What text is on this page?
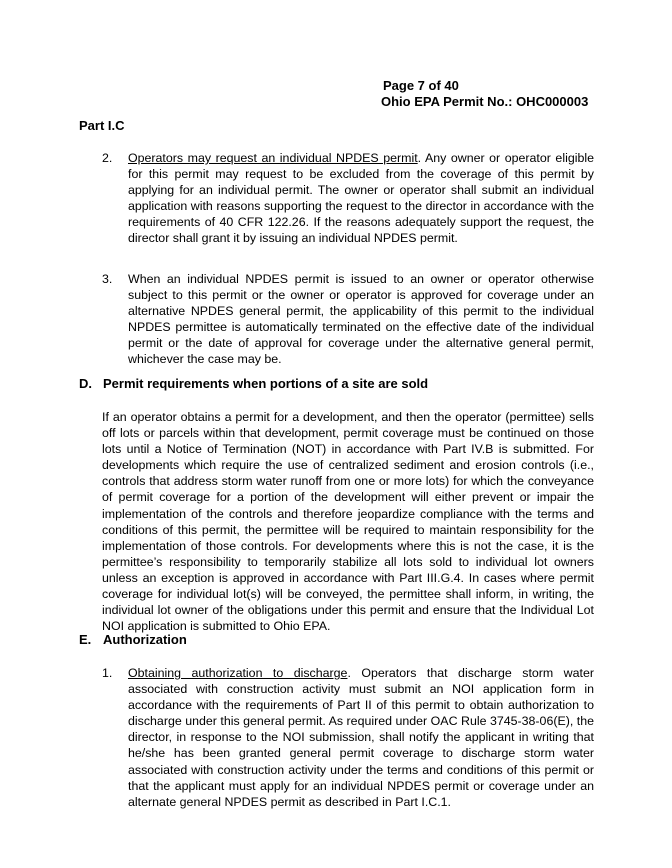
Page 7 of 40
Ohio EPA Permit No.: OHC000003
Part I.C
2. Operators may request an individual NPDES permit. Any owner or operator eligible for this permit may request to be excluded from the coverage of this permit by applying for an individual permit. The owner or operator shall submit an individual application with reasons supporting the request to the director in accordance with the requirements of 40 CFR 122.26. If the reasons adequately support the request, the director shall grant it by issuing an individual NPDES permit.
3. When an individual NPDES permit is issued to an owner or operator otherwise subject to this permit or the owner or operator is approved for coverage under an alternative NPDES general permit, the applicability of this permit to the individual NPDES permittee is automatically terminated on the effective date of the individual permit or the date of approval for coverage under the alternative general permit, whichever the case may be.
D. Permit requirements when portions of a site are sold
If an operator obtains a permit for a development, and then the operator (permittee) sells off lots or parcels within that development, permit coverage must be continued on those lots until a Notice of Termination (NOT) in accordance with Part IV.B is submitted. For developments which require the use of centralized sediment and erosion controls (i.e., controls that address storm water runoff from one or more lots) for which the conveyance of permit coverage for a portion of the development will either prevent or impair the implementation of the controls and therefore jeopardize compliance with the terms and conditions of this permit, the permittee will be required to maintain responsibility for the implementation of those controls. For developments where this is not the case, it is the permittee’s responsibility to temporarily stabilize all lots sold to individual lot owners unless an exception is approved in accordance with Part III.G.4. In cases where permit coverage for individual lot(s) will be conveyed, the permittee shall inform, in writing, the individual lot owner of the obligations under this permit and ensure that the Individual Lot NOI application is submitted to Ohio EPA.
E. Authorization
1. Obtaining authorization to discharge. Operators that discharge storm water associated with construction activity must submit an NOI application form in accordance with the requirements of Part II of this permit to obtain authorization to discharge under this general permit. As required under OAC Rule 3745-38-06(E), the director, in response to the NOI submission, shall notify the applicant in writing that he/she has been granted general permit coverage to discharge storm water associated with construction activity under the terms and conditions of this permit or that the applicant must apply for an individual NPDES permit or coverage under an alternate general NPDES permit as described in Part I.C.1.
